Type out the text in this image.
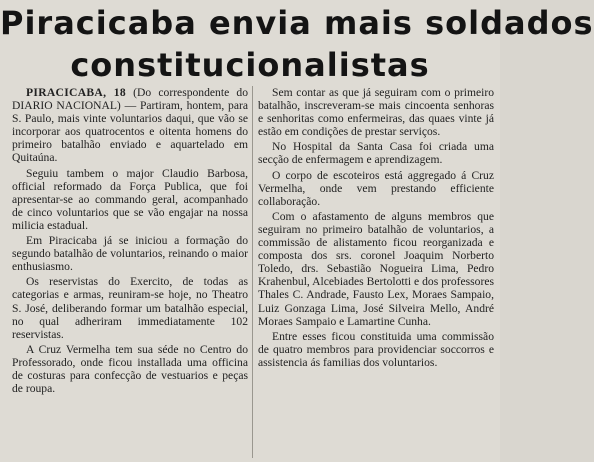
Piracicaba envia mais soldados
constitucionalistas

PIRACICABA, 18 (Do correspondente do DIARIO NACIONAL) — Partiram, hontem, para S. Paulo, mais vinte voluntarios daqui, que vão se incorporar aos quatrocentos e oitenta homens do primeiro batalhão enviado e aquartelado em Quitaúna.

Seguiu tambem o major Claudio Barbosa, official reformado da Força Publica, que foi apresentar-se ao commando geral, acompanhado de cinco voluntarios que se vão engajar na nossa milicia estadual.

Em Piracicaba já se iniciou a formação do segundo batalhão de voluntarios, reinando o maior enthusiasmo.

Os reservistas do Exercito, de todas as categorias e armas, reuniram-se hoje, no Theatro S. José, deliberando formar um batalhão especial, no qual adheriram immediatamente 102 reservistas.

A Cruz Vermelha tem sua séde no Centro do Professorado, onde ficou installada uma officina de costuras para confecção de vestuarios e peças de roupa.

Sem contar as que já seguiram com o primeiro batalhão, inscreveram-se mais cincoenta senhoras e senhoritas como enfermeiras, das quaes vinte já estão em condições de prestar serviços.

No Hospital da Santa Casa foi criada uma secção de enfermagem e aprendizagem.

O corpo de escoteiros está aggregado á Cruz Vermelha, onde vem prestando efficiente collaboração.

Com o afastamento de alguns membros que seguiram no primeiro batalhão de voluntarios, a commissão de alistamento ficou reorganizada e composta dos srs. coronel Joaquim Norberto Toledo, drs. Sebastião Nogueira Lima, Pedro Krahenbul, Alcebiades Bertolotti e dos professores Thales C. Andrade, Fausto Lex, Moraes Sampaio, Luiz Gonzaga Lima, José Silveira Mello, André Moraes Sampaio e Lamartine Cunha.

Entre esses ficou constituida uma commissão de quatro membros para providenciar soccorros e assistencia ás familias dos voluntarios.
